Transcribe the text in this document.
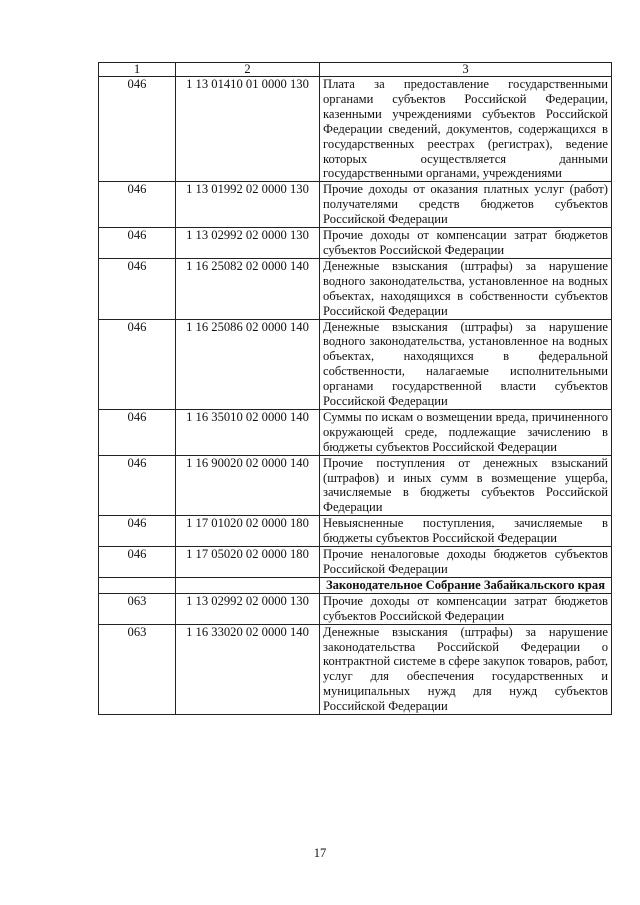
1	2	3
046	1 13 01410 01 0000 130	Плата за предоставление государственными органами субъектов Российской Федерации, казенными учреждениями субъектов Российской Федерации сведений, документов, содержащихся в государственных реестрах (регистрах), ведение которых осуществляется данными государственными органами, учреждениями
046	1 13 01992 02 0000 130	Прочие доходы от оказания платных услуг (работ) получателями средств бюджетов субъектов Российской Федерации
046	1 13 02992 02 0000 130	Прочие доходы от компенсации затрат бюджетов субъектов Российской Федерации
046	1 16 25082 02 0000 140	Денежные взыскания (штрафы) за нарушение водного законодательства, установленное на водных объектах, находящихся в собственности субъектов Российской Федерации
046	1 16 25086 02 0000 140	Денежные взыскания (штрафы) за нарушение водного законодательства, установленное на водных объектах, находящихся в федеральной собственности, налагаемые исполнительными органами государственной власти субъектов Российской Федерации
046	1 16 35010 02 0000 140	Суммы по искам о возмещении вреда, причиненного окружающей среде, подлежащие зачислению в бюджеты субъектов Российской Федерации
046	1 16 90020 02 0000 140	Прочие поступления от денежных взысканий (штрафов) и иных сумм в возмещение ущерба, зачисляемые в бюджеты субъектов Российской Федерации
046	1 17 01020 02 0000 180	Невыясненные поступления, зачисляемые в бюджеты субъектов Российской Федерации
046	1 17 05020 02 0000 180	Прочие неналоговые доходы бюджетов субъектов Российской Федерации
		Законодательное Собрание Забайкальского края
063	1 13 02992 02 0000 130	Прочие доходы от компенсации затрат бюджетов субъектов Российской Федерации
063	1 16 33020 02 0000 140	Денежные взыскания (штрафы) за нарушение законодательства Российской Федерации о контрактной системе в сфере закупок товаров, работ, услуг для обеспечения государственных и муниципальных нужд для нужд субъектов Российской Федерации
17
